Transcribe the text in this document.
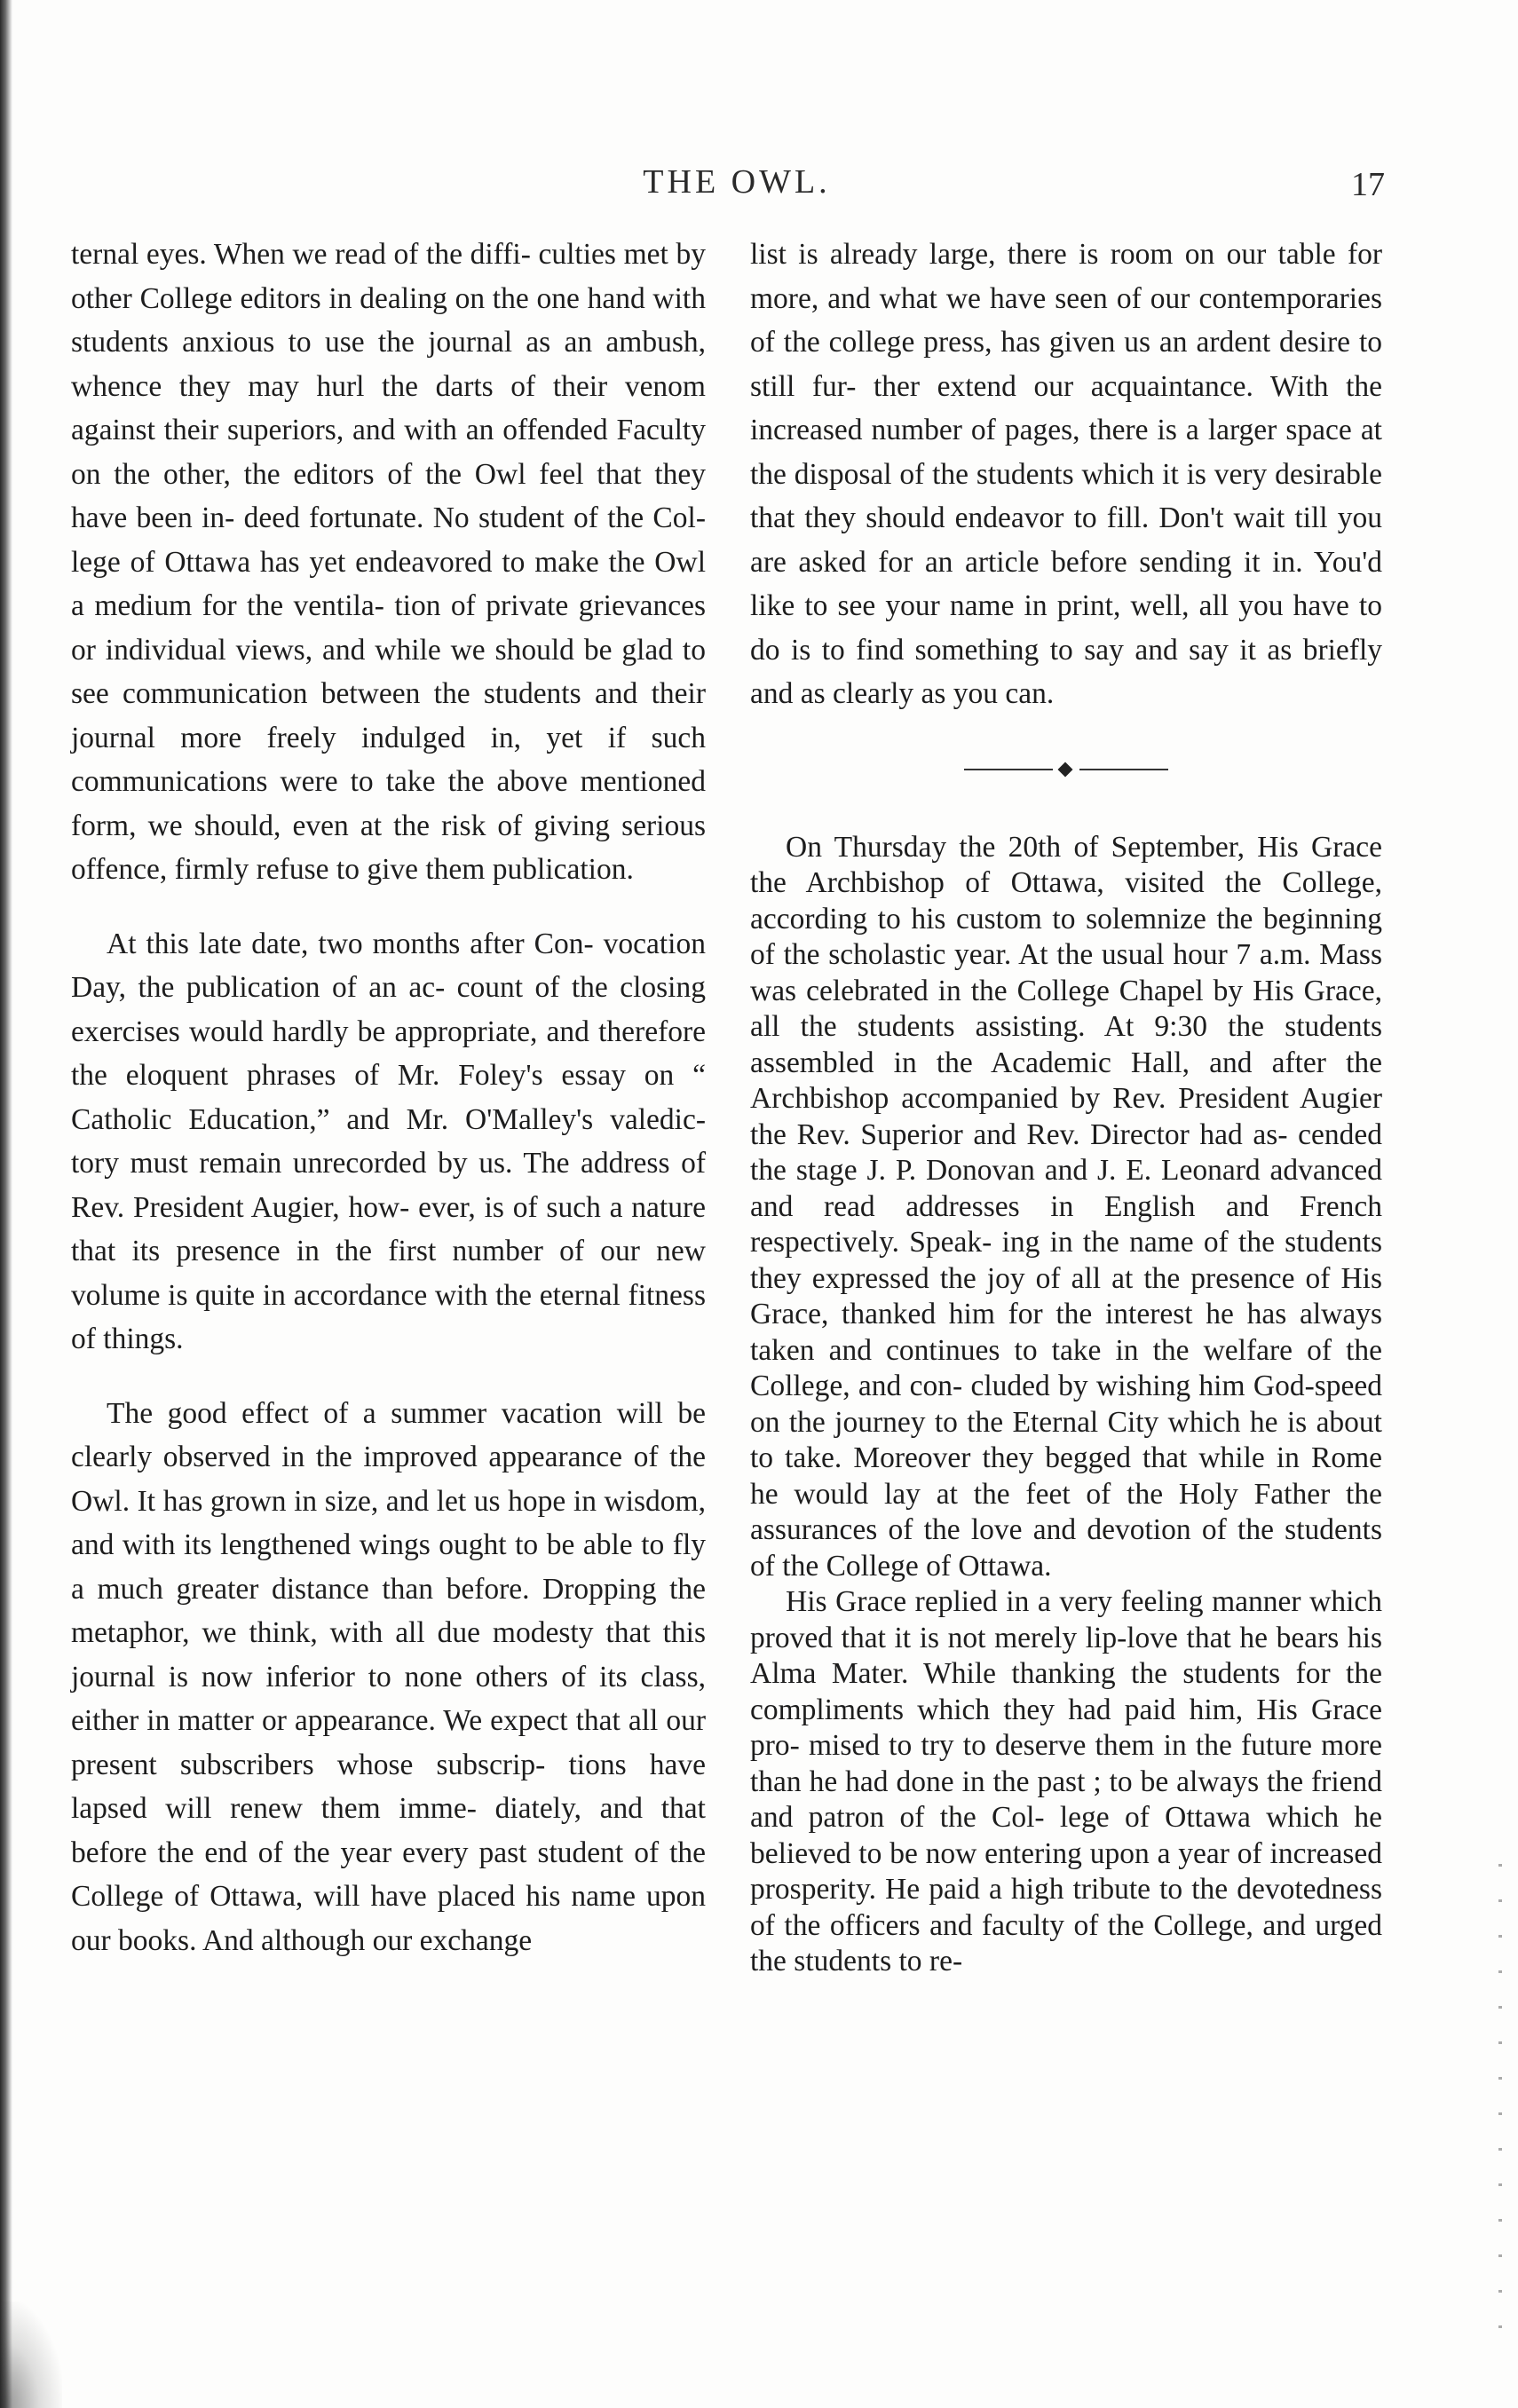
THE OWL.	17

ternal eyes. When we read of the diffi- culties met by other College editors in dealing on the one hand with students anxious to use the journal as an ambush, whence they may hurl the darts of their venom against their superiors, and with an offended Faculty on the other, the editors of the Owl feel that they have been in- deed fortunate. No student of the Col- lege of Ottawa has yet endeavored to make the Owl a medium for the ventila- tion of private grievances or individual views, and while we should be glad to see communication between the students and their journal more freely indulged in, yet if such communications were to take the above mentioned form, we should, even at the risk of giving serious offence, firmly refuse to give them publication.

At this late date, two months after Con- vocation Day, the publication of an ac- count of the closing exercises would hardly be appropriate, and therefore the eloquent phrases of Mr. Foley's essay on “ Catholic Education,” and Mr. O'Malley's valedic- tory must remain unrecorded by us. The address of Rev. President Augier, how- ever, is of such a nature that its presence in the first number of our new volume is quite in accordance with the eternal fitness of things.

The good effect of a summer vacation will be clearly observed in the improved appearance of the Owl. It has grown in size, and let us hope in wisdom, and with its lengthened wings ought to be able to fly a much greater distance than before. Dropping the metaphor, we think, with all due modesty that this journal is now inferior to none others of its class, either in matter or appearance. We expect that all our present subscribers whose subscrip- tions have lapsed will renew them imme- diately, and that before the end of the year every past student of the College of Ottawa, will have placed his name upon our books. And although our exchange

list is already large, there is room on our table for more, and what we have seen of our contemporaries of the college press, has given us an ardent desire to still fur- ther extend our acquaintance. With the increased number of pages, there is a larger space at the disposal of the students which it is very desirable that they should endeavor to fill. Don't wait till you are asked for an article before sending it in. You'd like to see your name in print, well, all you have to do is to find something to say and say it as briefly and as clearly as you can.

On Thursday the 20th of September, His Grace the Archbishop of Ottawa, visited the College, according to his custom to solemnize the beginning of the scholastic year. At the usual hour 7 a.m. Mass was celebrated in the College Chapel by His Grace, all the students assisting. At 9:30 the students assembled in the Academic Hall, and after the Archbishop accompanied by Rev. President Augier the Rev. Superior and Rev. Director had as- cended the stage J. P. Donovan and J. E. Leonard advanced and read addresses in English and French respectively. Speak- ing in the name of the students they expressed the joy of all at the presence of His Grace, thanked him for the interest he has always taken and continues to take in the welfare of the College, and con- cluded by wishing him God-speed on the journey to the Eternal City which he is about to take. Moreover they begged that while in Rome he would lay at the feet of the Holy Father the assurances of the love and devotion of the students of the College of Ottawa.

His Grace replied in a very feeling manner which proved that it is not merely lip-love that he bears his Alma Mater. While thanking the students for the compliments which they had paid him, His Grace pro- mised to try to deserve them in the future more than he had done in the past ; to be always the friend and patron of the Col- lege of Ottawa which he believed to be now entering upon a year of increased prosperity. He paid a high tribute to the devotedness of the officers and faculty of the College, and urged the students to re-
